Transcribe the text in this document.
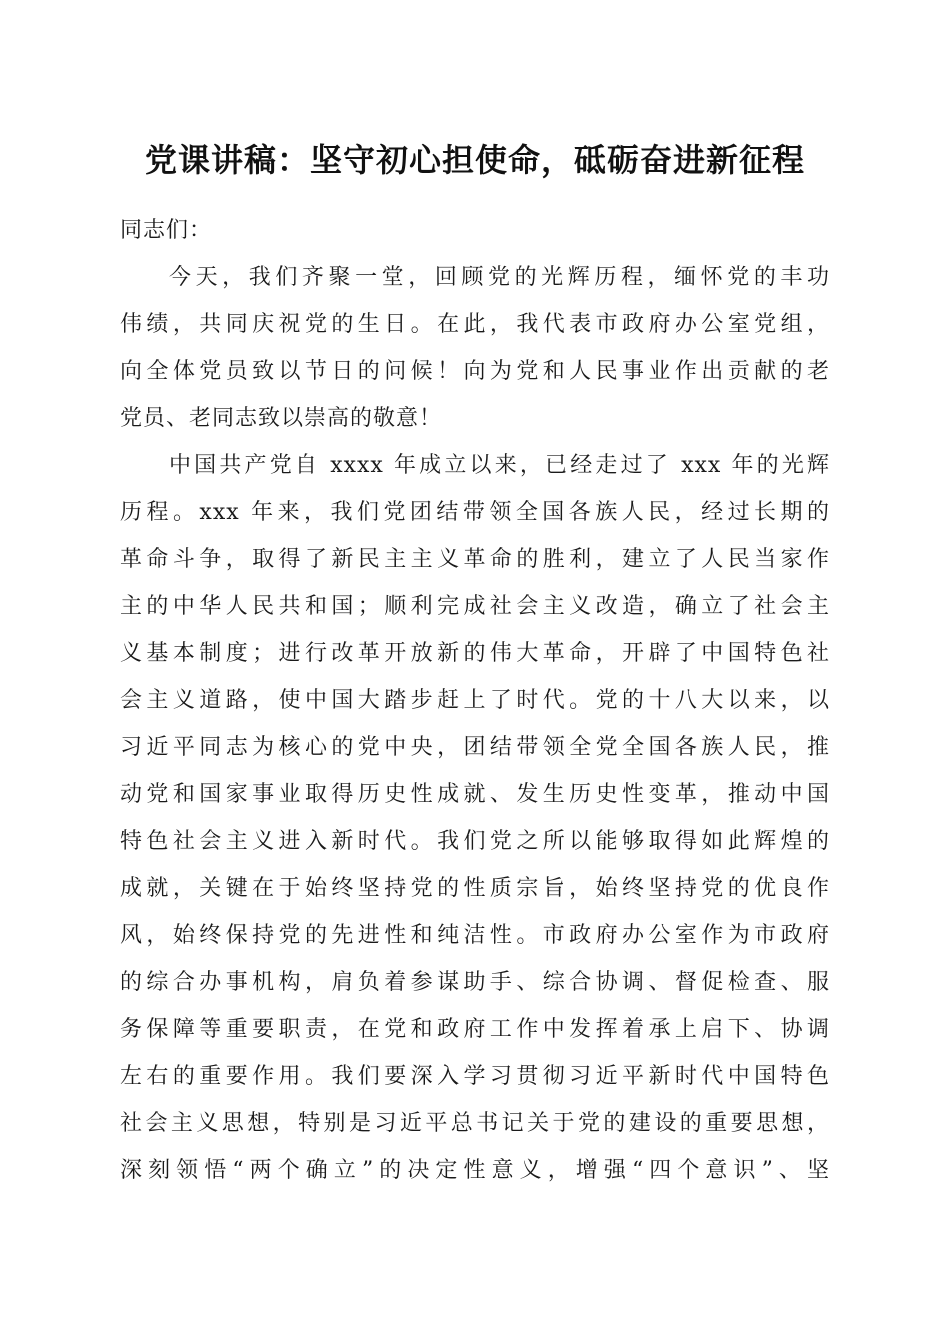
党课讲稿：坚守初心担使命，砥砺奋进新征程
同志们：
今天，我们齐聚一堂，回顾党的光辉历程，缅怀党的丰功
伟绩，共同庆祝党的生日。在此，我代表市政府办公室党组，
向全体党员致以节日的问候！向为党和人民事业作出贡献的老
党员、老同志致以崇高的敬意！
中国共产党自 xxxx 年成立以来，已经走过了 xxx 年的光辉
历程。xxx 年来，我们党团结带领全国各族人民，经过长期的
革命斗争，取得了新民主主义革命的胜利，建立了人民当家作
主的中华人民共和国；顺利完成社会主义改造，确立了社会主
义基本制度；进行改革开放新的伟大革命，开辟了中国特色社
会主义道路，使中国大踏步赶上了时代。党的十八大以来，以
习近平同志为核心的党中央，团结带领全党全国各族人民，推
动党和国家事业取得历史性成就、发生历史性变革，推动中国
特色社会主义进入新时代。我们党之所以能够取得如此辉煌的
成就，关键在于始终坚持党的性质宗旨，始终坚持党的优良作
风，始终保持党的先进性和纯洁性。市政府办公室作为市政府
的综合办事机构，肩负着参谋助手、综合协调、督促检查、服
务保障等重要职责，在党和政府工作中发挥着承上启下、协调
左右的重要作用。我们要深入学习贯彻习近平新时代中国特色
社会主义思想，特别是习近平总书记关于党的建设的重要思想，
深刻领悟“两个确立”的决定性意义，增强“四个意识”、坚
